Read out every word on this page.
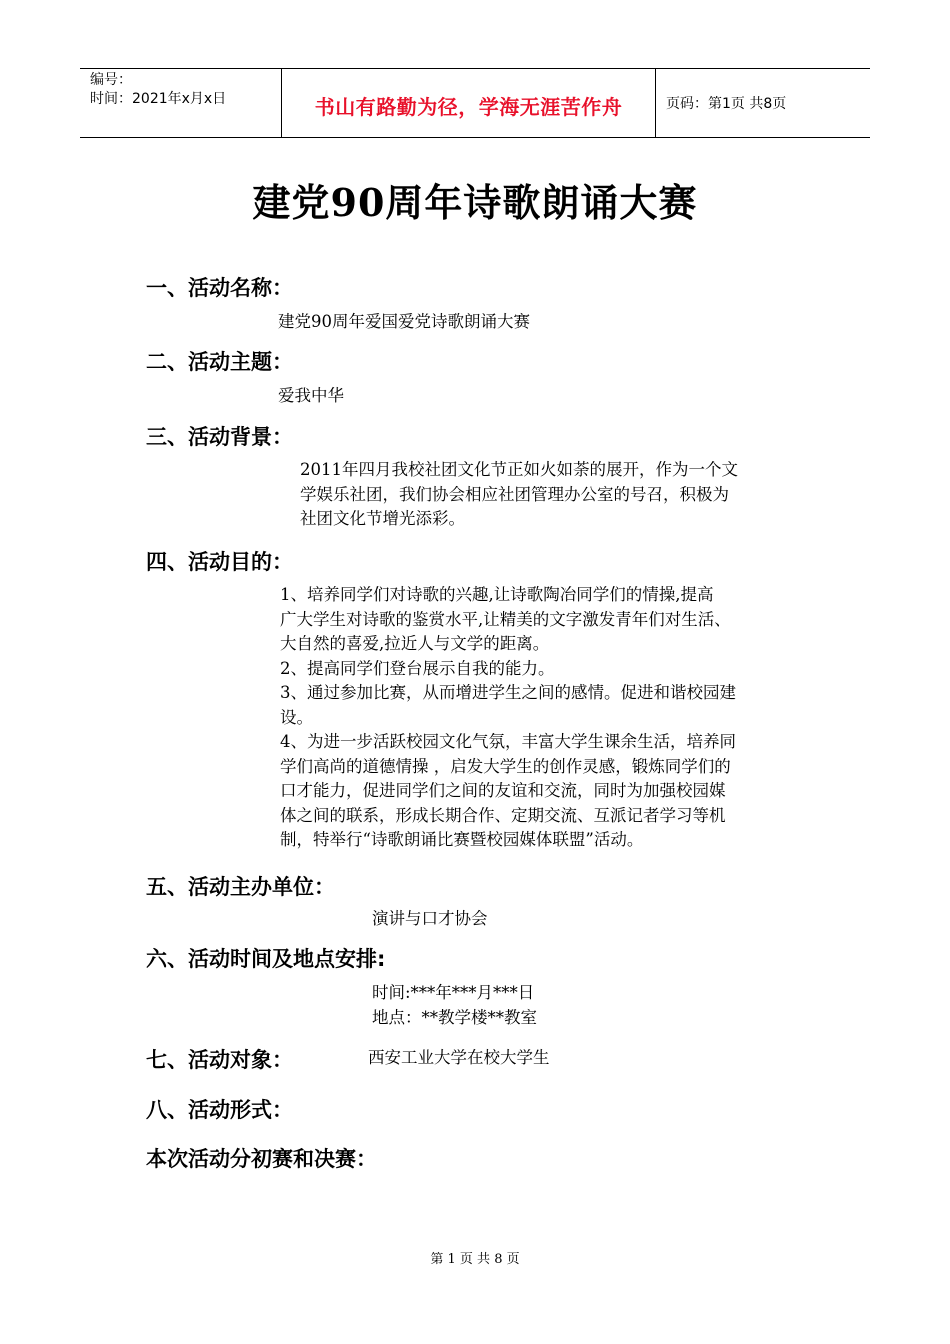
编号：
时间：2021年x月x日	书山有路勤为径，学海无涯苦作舟	页码：第1页 共8页
建党90周年诗歌朗诵大赛
一、活动名称：
建党90周年爱国爱党诗歌朗诵大赛
二、活动主题：
爱我中华
三、活动背景：
2011年四月我校社团文化节正如火如荼的展开，作为一个文
学娱乐社团，我们协会相应社团管理办公室的号召，积极为
社团文化节增光添彩。
四、活动目的：
1、培养同学们对诗歌的兴趣,让诗歌陶冶同学们的情操,提高
广大学生对诗歌的鉴赏水平,让精美的文字激发青年们对生活、
大自然的喜爱,拉近人与文学的距离。
2、提高同学们登台展示自我的能力。
3、通过参加比赛，从而增进学生之间的感情。促进和谐校园建
设。
4、为进一步活跃校园文化气氛，丰富大学生课余生活，培养同
学们高尚的道德情操 ，启发大学生的创作灵感，锻炼同学们的
口才能力，促进同学们之间的友谊和交流，同时为加强校园媒
体之间的联系，形成长期合作、定期交流、互派记者学习等机
制，特举行“诗歌朗诵比赛暨校园媒体联盟”活动。
五、活动主办单位：
演讲与口才协会
六、活动时间及地点安排:
时间:***年***月***日
地点：**教学楼**教室
七、活动对象：	西安工业大学在校大学生
八、活动形式：
本次活动分初赛和决赛：
第 1 页 共 8 页
